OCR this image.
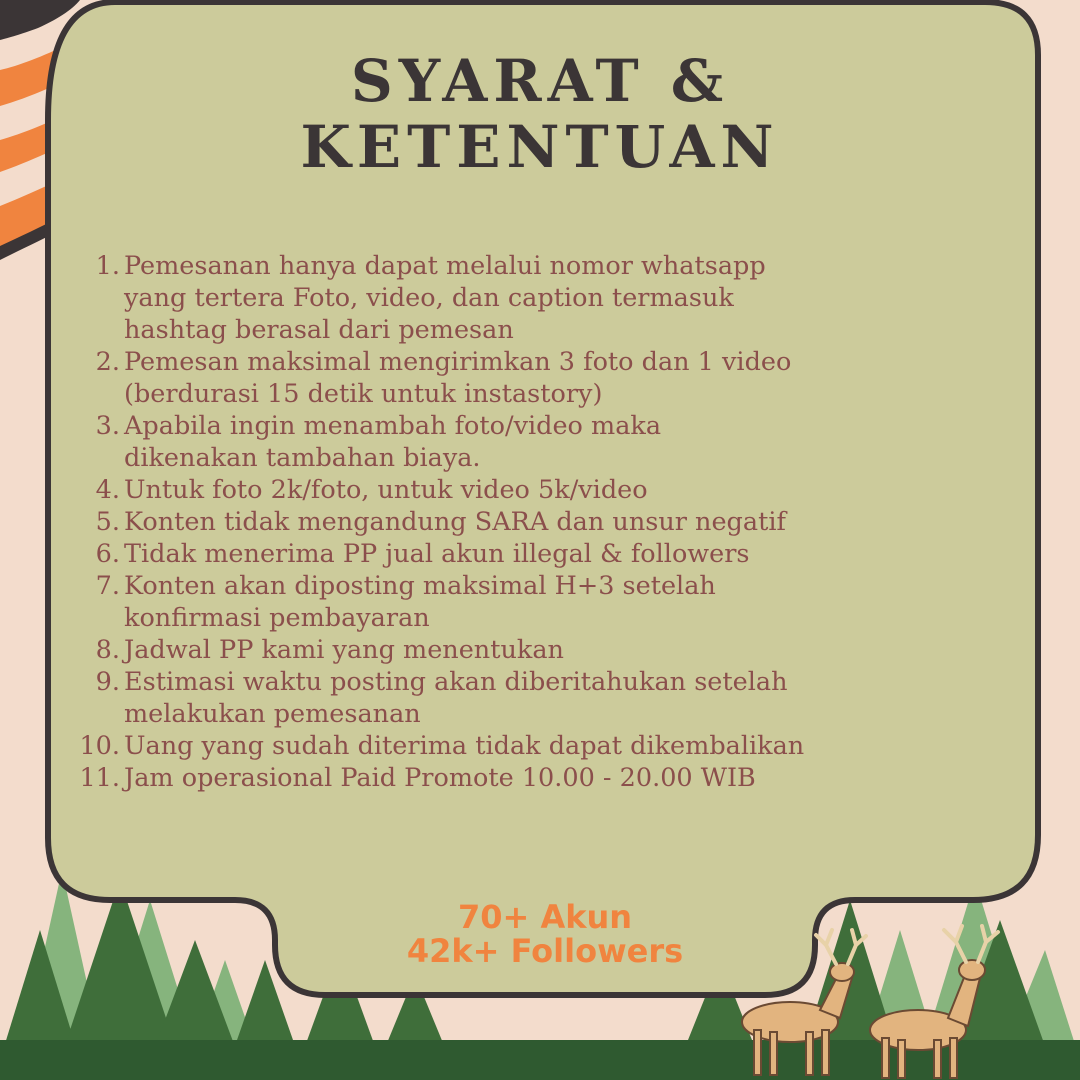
SYARAT &
KETENTUAN
1. Pemesanan hanya dapat melalui nomor whatsapp
yang tertera Foto, video, dan caption termasuk
hashtag berasal dari pemesan
2. Pemesan maksimal mengirimkan 3 foto dan 1 video
(berdurasi 15 detik untuk instastory)
3. Apabila ingin menambah foto/video maka
dikenakan tambahan biaya.
4. Untuk foto 2k/foto, untuk video 5k/video
5. Konten tidak mengandung SARA dan unsur negatif
6. Tidak menerima PP jual akun illegal & followers
7. Konten akan diposting maksimal H+3 setelah
konfirmasi pembayaran
8. Jadwal PP kami yang menentukan
9. Estimasi waktu posting akan diberitahukan setelah
melakukan pemesanan
10. Uang yang sudah diterima tidak dapat dikembalikan
11. Jam operasional Paid Promote 10.00 - 20.00 WIB
70+ Akun
42k+ Followers
